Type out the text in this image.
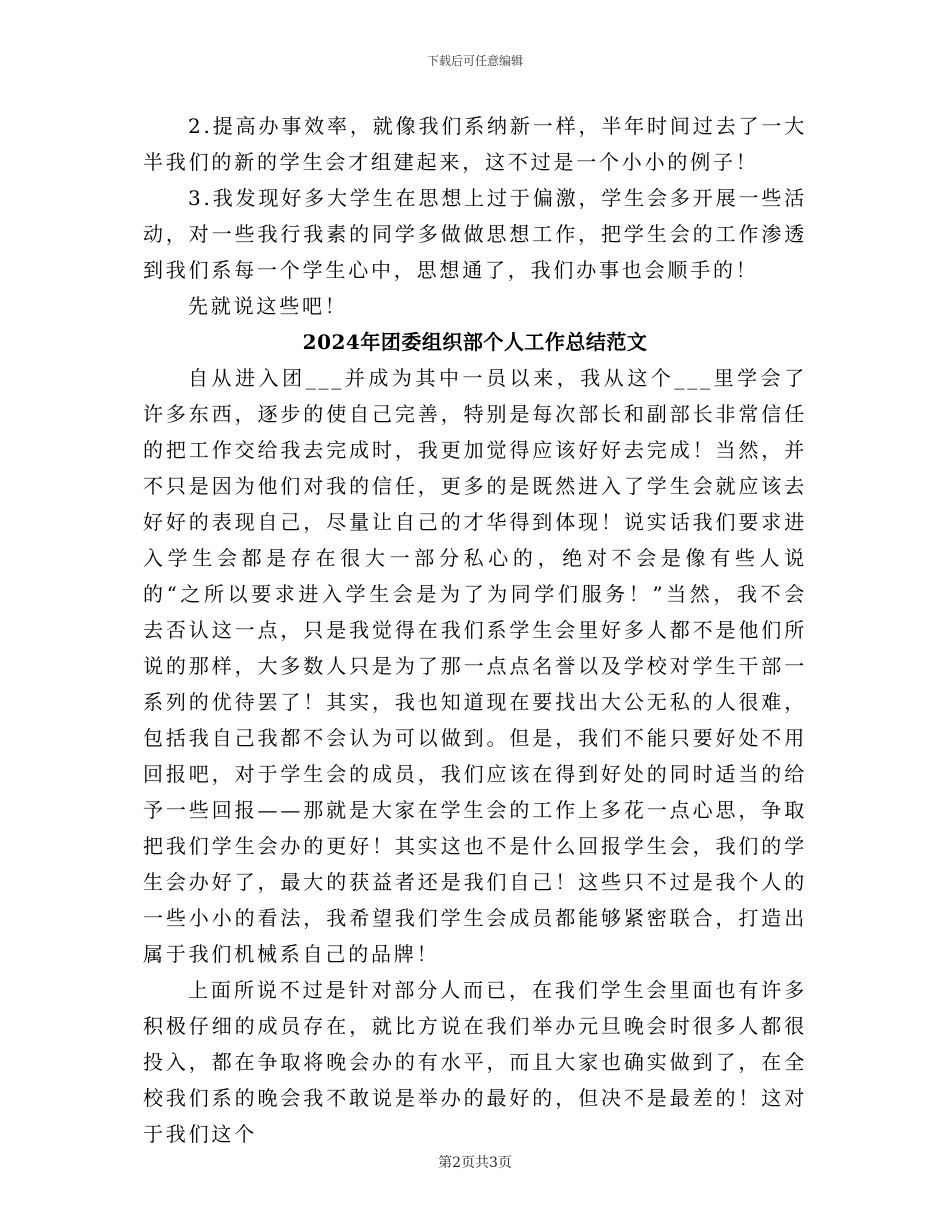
下载后可任意编辑

2.提高办事效率，就像我们系纳新一样，半年时间过去了一大半我们的新的学生会才组建起来，这不过是一个小小的例子！

3.我发现好多大学生在思想上过于偏激，学生会多开展一些活动，对一些我行我素的同学多做做思想工作，把学生会的工作渗透到我们系每一个学生心中，思想通了，我们办事也会顺手的！

先就说这些吧！

2024年团委组织部个人工作总结范文

自从进入团___并成为其中一员以来，我从这个___里学会了许多东西，逐步的使自己完善，特别是每次部长和副部长非常信任的把工作交给我去完成时，我更加觉得应该好好去完成！当然，并不只是因为他们对我的信任，更多的是既然进入了学生会就应该去好好的表现自己，尽量让自己的才华得到体现！说实话我们要求进入学生会都是存在很大一部分私心的，绝对不会是像有些人说的“之所以要求进入学生会是为了为同学们服务！”当然，我不会去否认这一点，只是我觉得在我们系学生会里好多人都不是他们所说的那样，大多数人只是为了那一点点名誉以及学校对学生干部一系列的优待罢了！其实，我也知道现在要找出大公无私的人很难，包括我自己我都不会认为可以做到。但是，我们不能只要好处不用回报吧，对于学生会的成员，我们应该在得到好处的同时适当的给予一些回报——那就是大家在学生会的工作上多花一点心思，争取把我们学生会办的更好！其实这也不是什么回报学生会，我们的学生会办好了，最大的获益者还是我们自己！这些只不过是我个人的一些小小的看法，我希望我们学生会成员都能够紧密联合，打造出属于我们机械系自己的品牌！

上面所说不过是针对部分人而已，在我们学生会里面也有许多积极仔细的成员存在，就比方说在我们举办元旦晚会时很多人都很投入，都在争取将晚会办的有水平，而且大家也确实做到了，在全校我们系的晚会我不敢说是举办的最好的，但决不是最差的！这对于我们这个

第2页共3页
